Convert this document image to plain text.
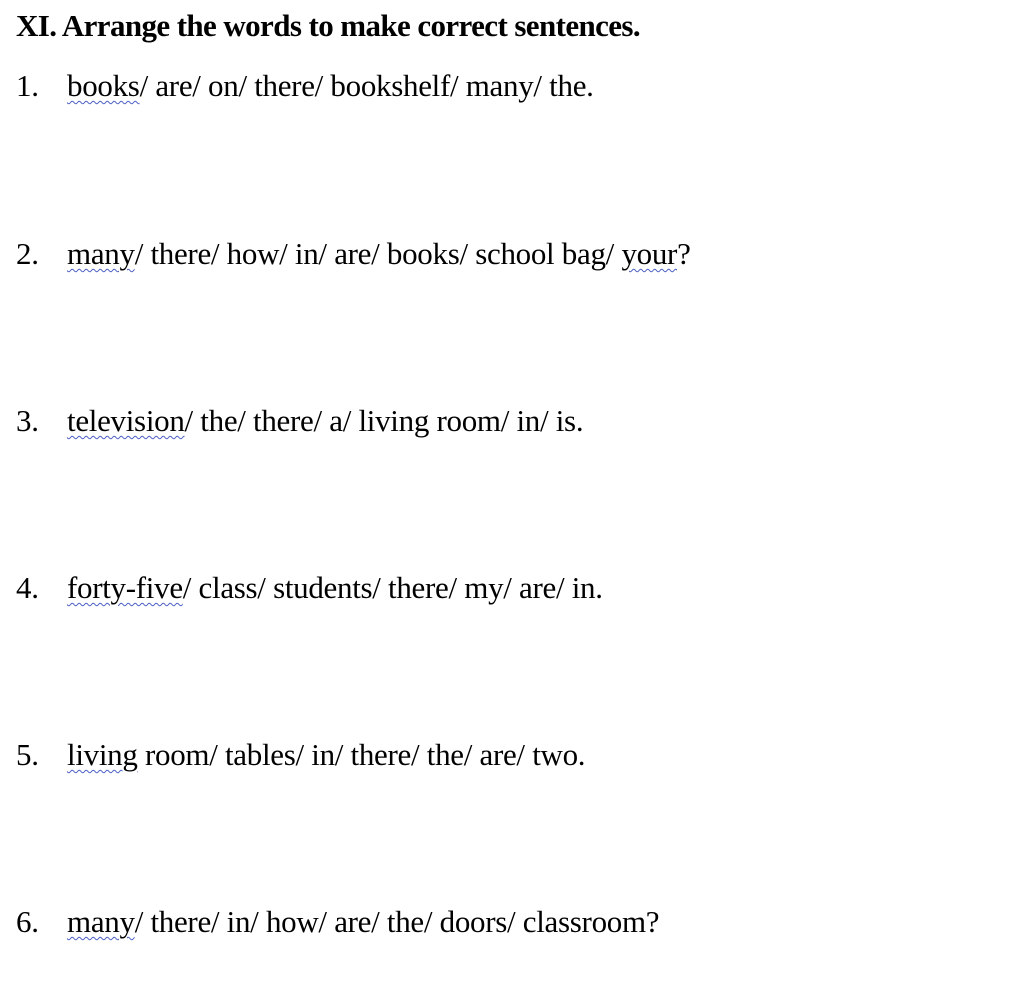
XI. Arrange the words to make correct sentences.
1. books/ are/ on/ there/ bookshelf/ many/ the.
2. many/ there/ how/ in/ are/ books/ school bag/ your?
3. television/ the/ there/ a/ living room/ in/ is.
4. forty-five/ class/ students/ there/ my/ are/ in.
5. living room/ tables/ in/ there/ the/ are/ two.
6. many/ there/ in/ how/ are/ the/ doors/ classroom?
